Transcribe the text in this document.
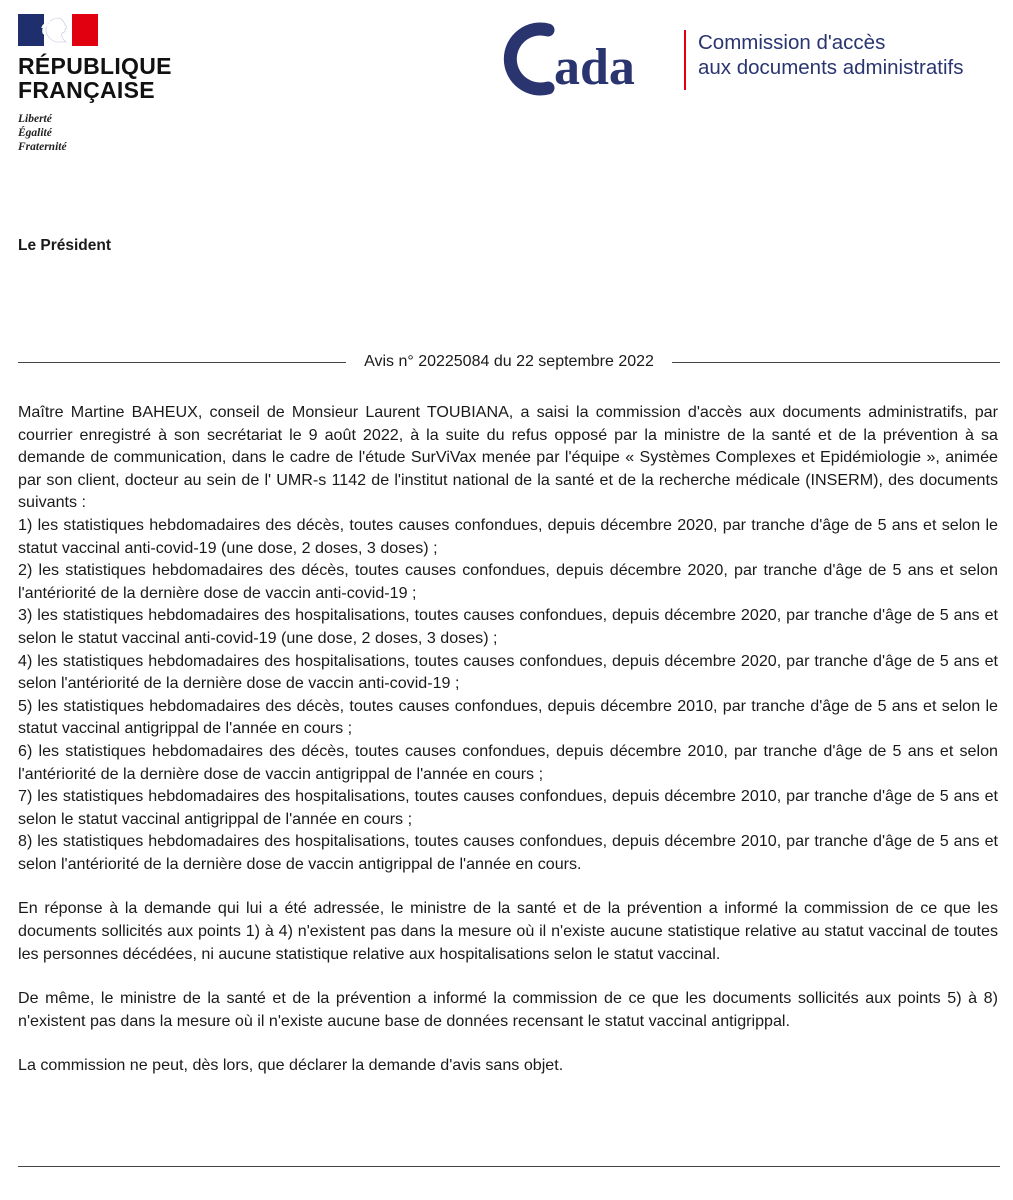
RÉPUBLIQUE
FRANÇAISE
Liberté
Égalité
Fraternité
ada	Commission d'accès
aux documents administratifs
Le Président
Avis n° 20225084 du 22 septembre 2022

Maître Martine BAHEUX, conseil de Monsieur Laurent TOUBIANA, a saisi la commission d'accès aux documents administratifs, par courrier enregistré à son secrétariat le 9 août 2022, à la suite du refus opposé par la ministre de la santé et de la prévention à sa demande de communication, dans le cadre de l'étude SurViVax menée par l'équipe « Systèmes Complexes et Epidémiologie », animée par son client, docteur au sein de l' UMR-s 1142 de l'institut national de la santé et de la recherche médicale (INSERM), des documents suivants :

1) les statistiques hebdomadaires des décès, toutes causes confondues, depuis décembre 2020, par tranche d'âge de 5 ans et selon le statut vaccinal anti-covid-19 (une dose, 2 doses, 3 doses) ;

2) les statistiques hebdomadaires des décès, toutes causes confondues, depuis décembre 2020, par tranche d'âge de 5 ans et selon l'antériorité de la dernière dose de vaccin anti-covid-19 ;

3) les statistiques hebdomadaires des hospitalisations, toutes causes confondues, depuis décembre 2020, par tranche d'âge de 5 ans et selon le statut vaccinal anti-covid-19 (une dose, 2 doses, 3 doses) ;

4) les statistiques hebdomadaires des hospitalisations, toutes causes confondues, depuis décembre 2020, par tranche d'âge de 5 ans et selon l'antériorité de la dernière dose de vaccin anti-covid-19 ;

5) les statistiques hebdomadaires des décès, toutes causes confondues, depuis décembre 2010, par tranche d'âge de 5 ans et selon le statut vaccinal antigrippal de l'année en cours ;

6) les statistiques hebdomadaires des décès, toutes causes confondues, depuis décembre 2010, par tranche d'âge de 5 ans et selon l'antériorité de la dernière dose de vaccin antigrippal de l'année en cours ;

7) les statistiques hebdomadaires des hospitalisations, toutes causes confondues, depuis décembre 2010, par tranche d'âge de 5 ans et selon le statut vaccinal antigrippal de l'année en cours ;

8) les statistiques hebdomadaires des hospitalisations, toutes causes confondues, depuis décembre 2010, par tranche d'âge de 5 ans et selon l'antériorité de la dernière dose de vaccin antigrippal de l'année en cours.

En réponse à la demande qui lui a été adressée, le ministre de la santé et de la prévention a informé la commission de ce que les documents sollicités aux points 1) à 4) n'existent pas dans la mesure où il n'existe aucune statistique relative au statut vaccinal de toutes les personnes décédées, ni aucune statistique relative aux hospitalisations selon le statut vaccinal.

De même, le ministre de la santé et de la prévention a informé la commission de ce que les documents sollicités aux points 5) à 8) n'existent pas dans la mesure où il n'existe aucune base de données recensant le statut vaccinal antigrippal.

La commission ne peut, dès lors, que déclarer la demande d'avis sans objet.
